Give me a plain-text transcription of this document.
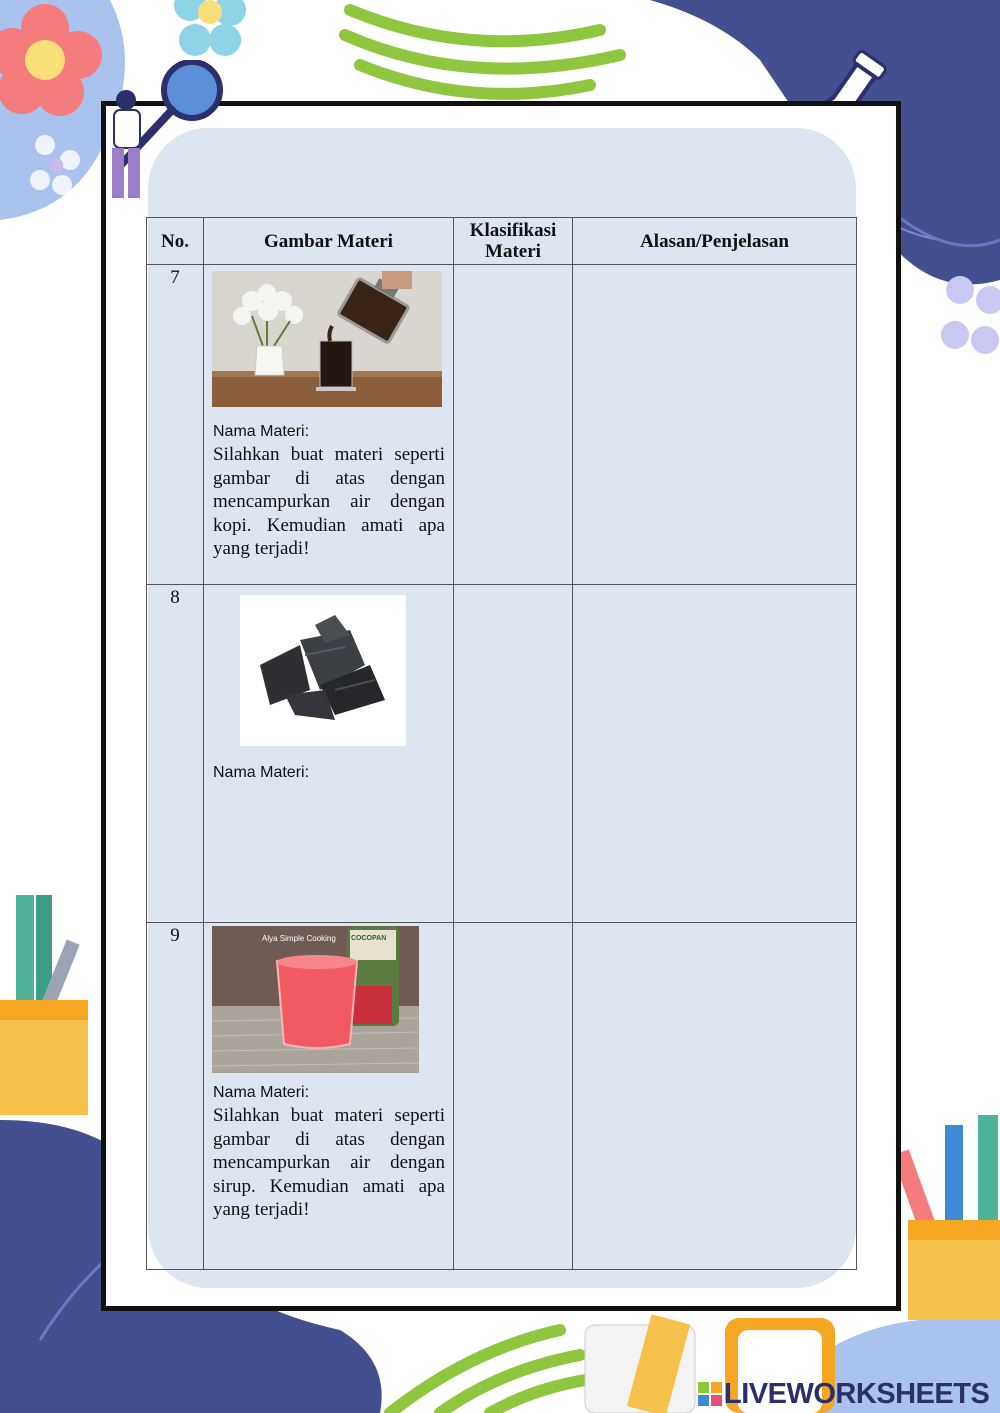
No.	Gambar Materi	Klasifikasi Materi	Alasan/Penjelasan
7	Nama Materi:
Silahkan buat materi seperti gambar di atas dengan mencampurkan air dengan kopi. Kemudian amati apa yang terjadi!		

8	Nama Materi:		

9	Alya Simple Cooking COCOPAN
Nama Materi:
Silahkan buat materi seperti gambar di atas dengan mencampurkan air dengan sirup. Kemudian amati apa yang terjadi!		

LIVEWORKSHEETS
